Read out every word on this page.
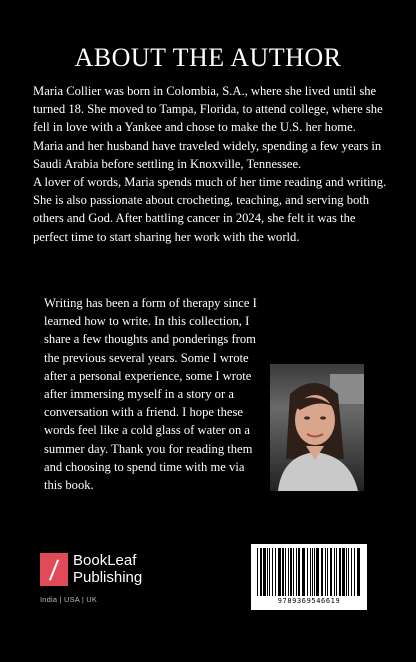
ABOUT THE AUTHOR

Maria Collier was born in Colombia, S.A., where she lived until she turned 18. She moved to Tampa, Florida, to attend college, where she fell in love with a Yankee and chose to make the U.S. her home. Maria and her husband have traveled widely, spending a few years in Saudi Arabia before settling in Knoxville, Tennessee.

A lover of words, Maria spends much of her time reading and writing. She is also passionate about crocheting, teaching, and serving both others and God. After battling cancer in 2024, she felt it was the perfect time to start sharing her work with the world.

Writing has been a form of therapy since I learned how to write. In this collection, I share a few thoughts and ponderings from the previous several years. Some I wrote after a personal experience, some I wrote after immersing myself in a story or a conversation with a friend. I hope these words feel like a cold glass of water on a summer day. Thank you for reading them and choosing to spend time with me via this book.
BookLeaf
Publishing
India | USA | UK	9789369546619
